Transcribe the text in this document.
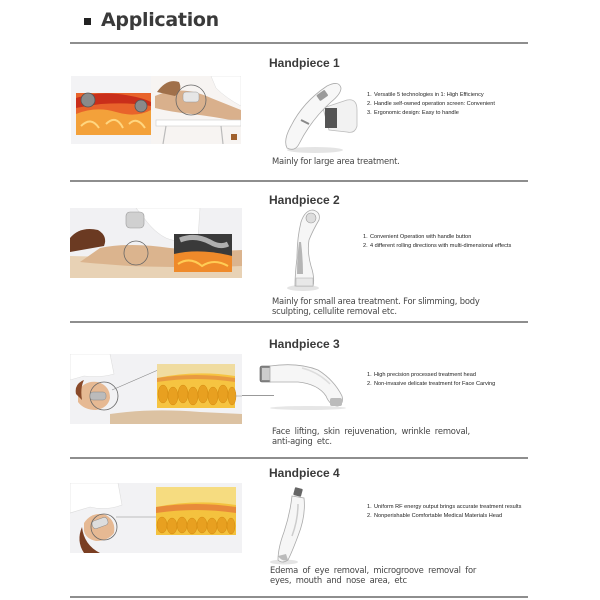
Application
Handpiece 1
1. Versatile 5 technologies in 1: High Efficiency
2. Handle self-owned operation screen: Convenient
3. Ergonomic design: Easy to handle
Mainly for large area treatment.
Handpiece 2
1. Convenient Operation with handle button
2. 4 different rolling directions with multi-dimensional effects
Mainly for small area treatment. For slimming, body sculpting, cellulite removal etc.
Handpiece 3
1. High precision processed treatment head
2. Non-invasive delicate treatment for Face Carving
Face lifting, skin rejuvenation, wrinkle removal, anti-aging etc.
Handpiece 4
1. Uniform RF energy output brings accurate treatment results
2. Nonperishable Comfortable Medical Materials Head
Edema of eye removal, microgroove removal for eyes, mouth and nose area, etc
